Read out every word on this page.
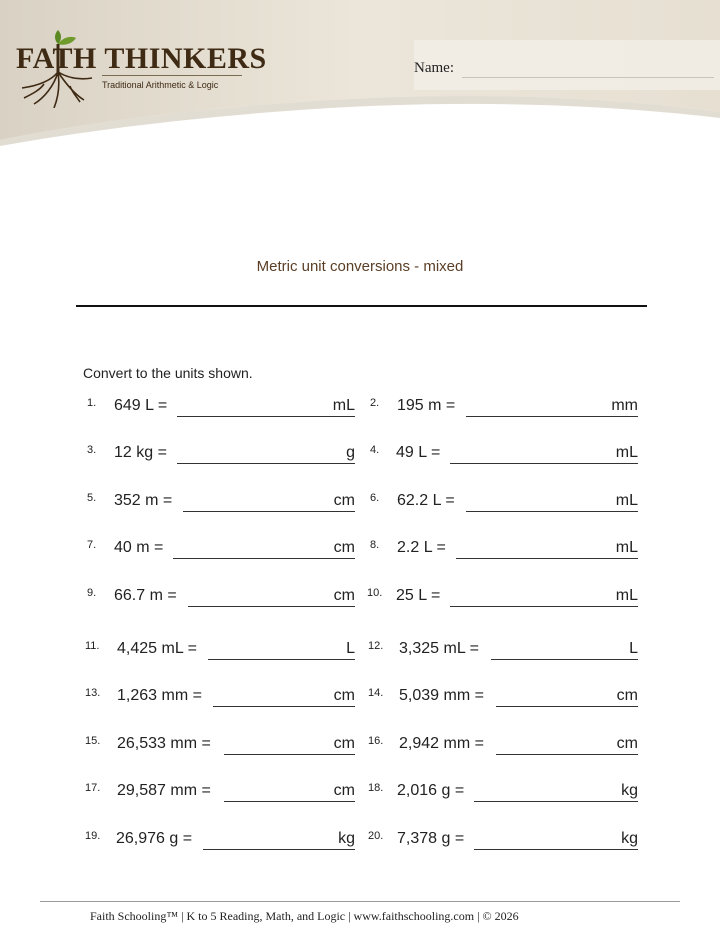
FATH THINKERS
Traditional Arithmetic & Logic
Name:
Metric unit conversions - mixed
Convert to the units shown.
1. 649 L =	mL 2. 195 m =	mm
3. 12 kg =	g 4. 49 L =	mL
5. 352 m =	cm 6. 62.2 L =	mL
7. 40 m =	cm 8. 2.2 L =	mL
9. 66.7 m =	cm 10. 25 L =	mL
11. 4,425 mL =	L 12. 3,325 mL =	L
13. 1,263 mm =	cm 14. 5,039 mm =	cm
15. 26,533 mm =	cm 16. 2,942 mm =	cm
17. 29,587 mm =	cm 18. 2,016 g =	kg
19. 26,976 g =	kg 20. 7,378 g =	kg
Faith Schooling™ | K to 5 Reading, Math, and Logic | www.faithschooling.com | © 2026
